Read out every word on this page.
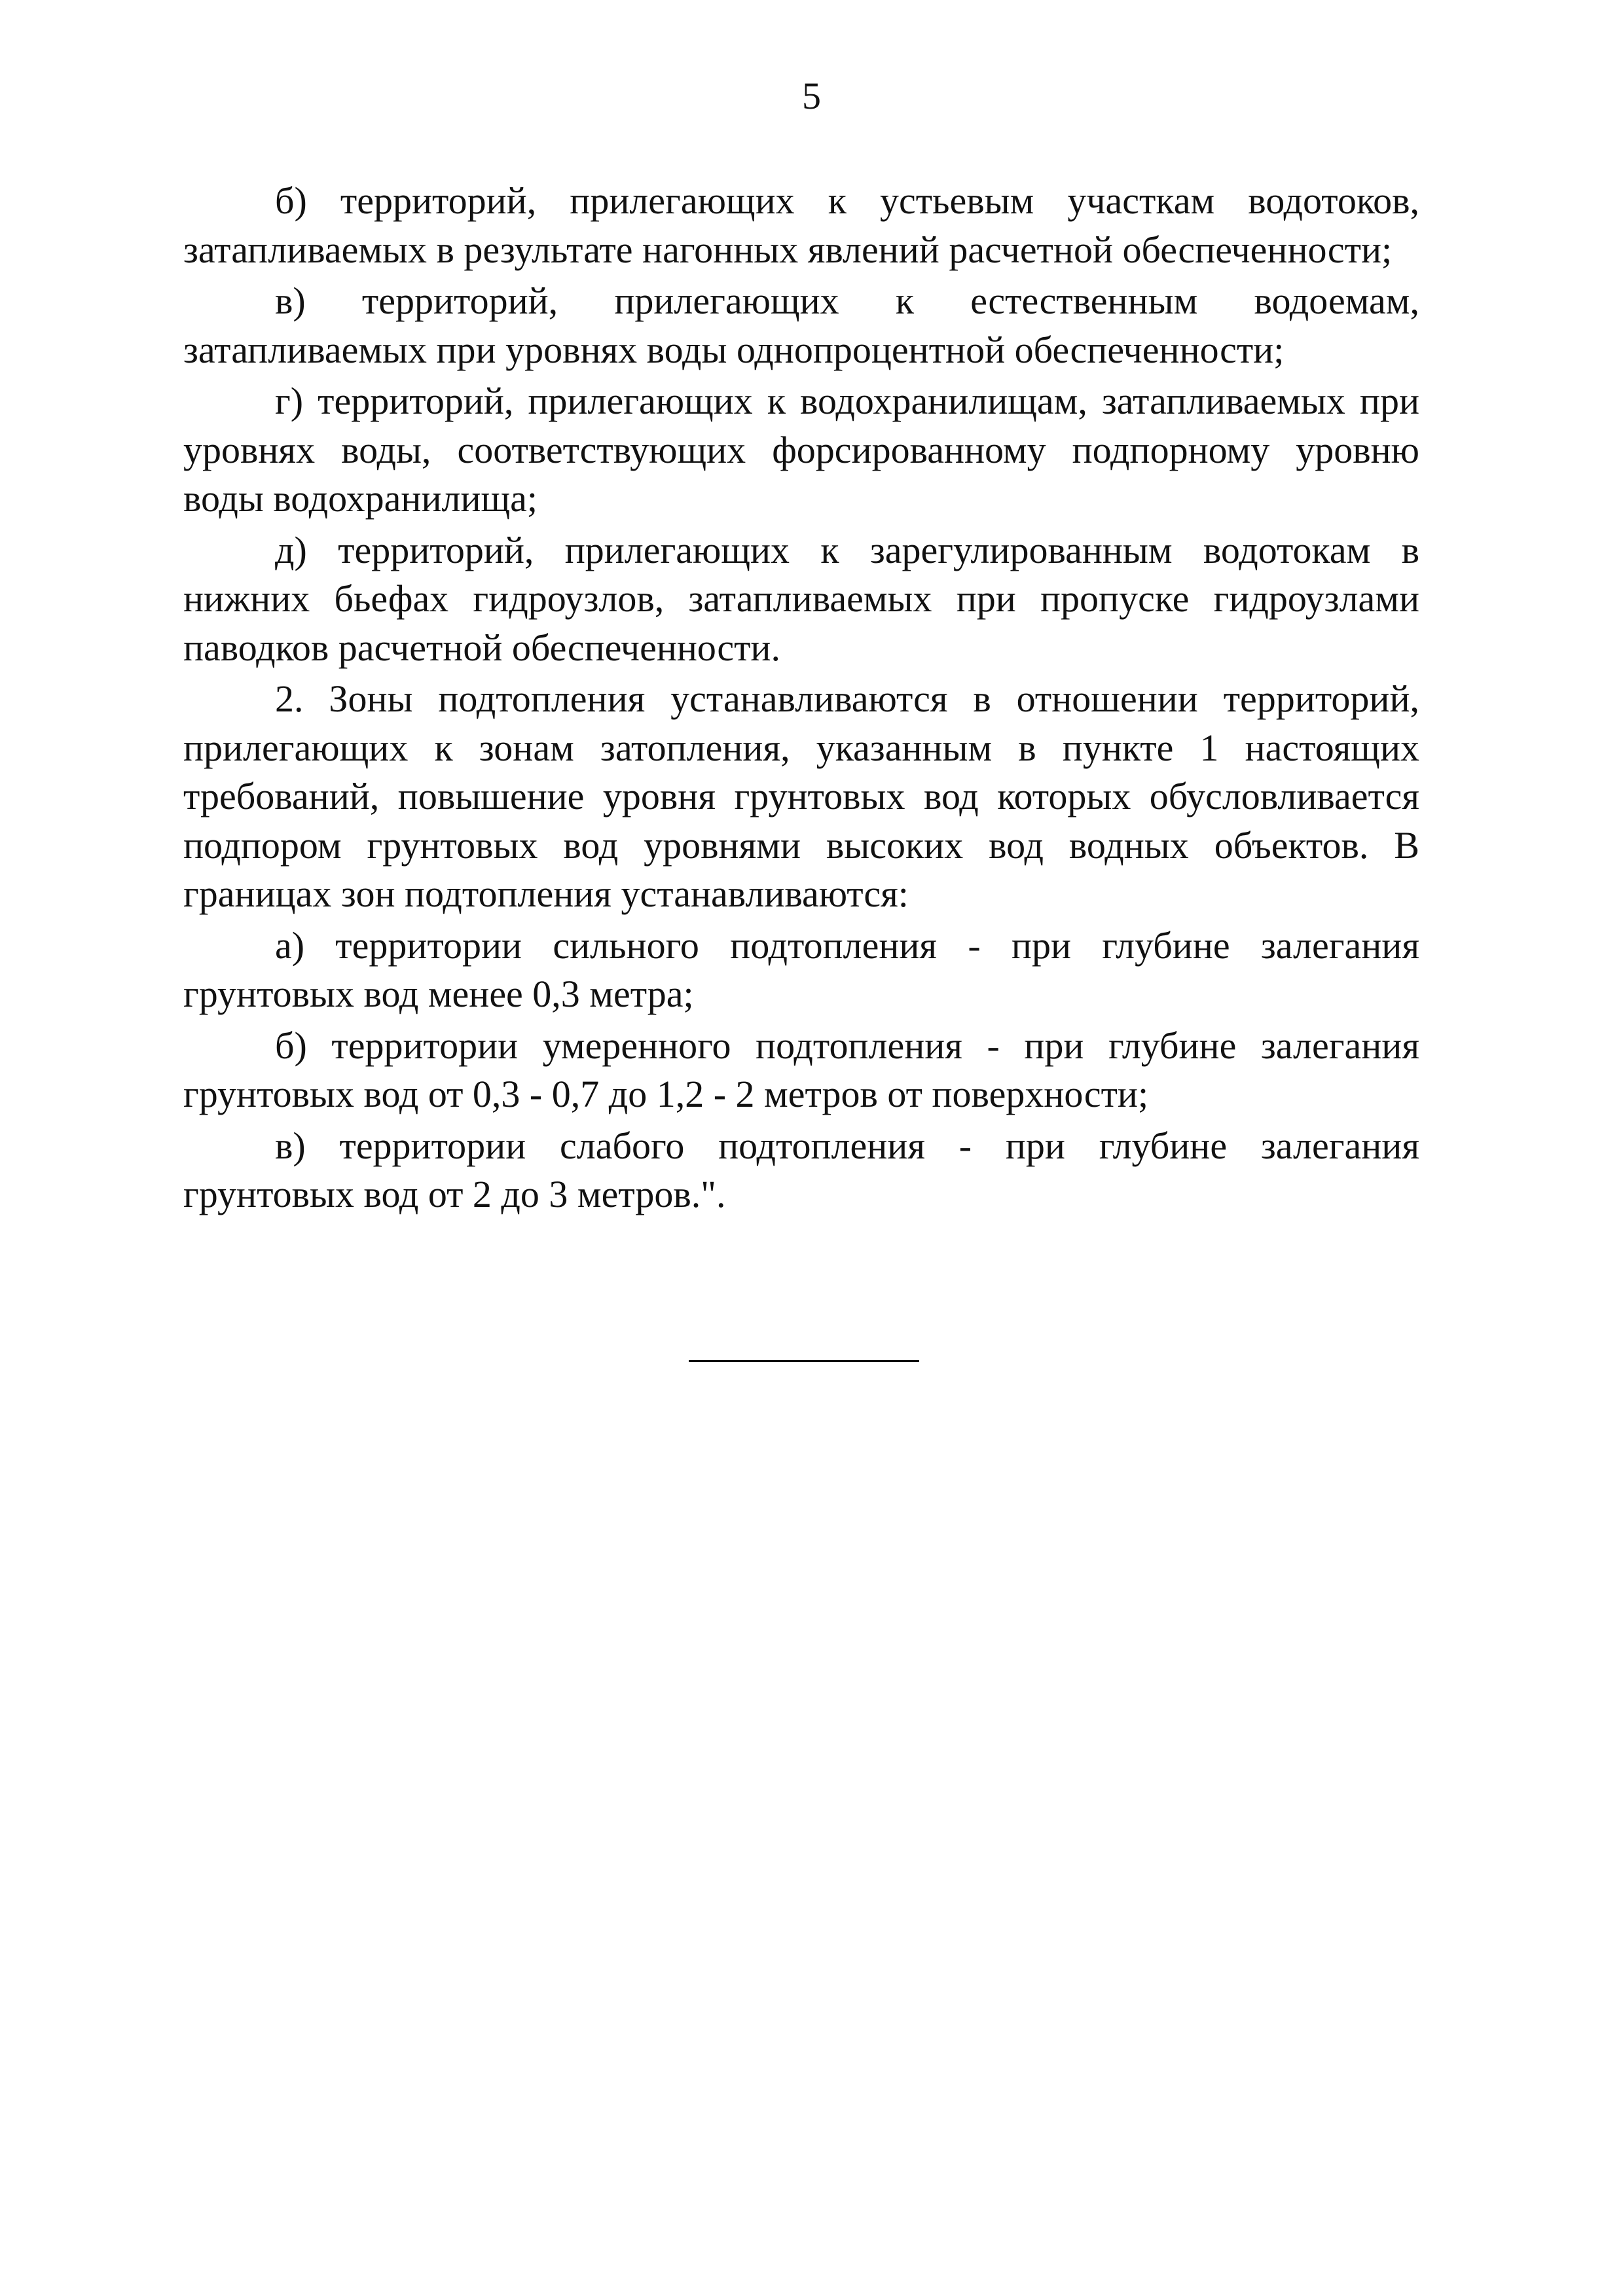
5

б) территорий, прилегающих к устьевым участкам водотоков, затапливаемых в результате нагонных явлений расчетной обеспеченности;

в) территорий, прилегающих к естественным водоемам, затапливаемых при уровнях воды однопроцентной обеспеченности;

г) территорий, прилегающих к водохранилищам, затапливаемых при уровнях воды, соответствующих форсированному подпорному уровню воды водохранилища;

д) территорий, прилегающих к зарегулированным водотокам в нижних бьефах гидроузлов, затапливаемых при пропуске гидроузлами паводков расчетной обеспеченности.

2. Зоны подтопления устанавливаются в отношении территорий, прилегающих к зонам затопления, указанным в пункте 1 настоящих требований, повышение уровня грунтовых вод которых обусловливается подпором грунтовых вод уровнями высоких вод водных объектов. В границах зон подтопления устанавливаются:

а) территории сильного подтопления - при глубине залегания грунтовых вод менее 0,3 метра;

б) территории умеренного подтопления - при глубине залегания грунтовых вод от 0,3 - 0,7 до 1,2 - 2 метров от поверхности;

в) территории слабого подтопления - при глубине залегания грунтовых вод от 2 до 3 метров.".
